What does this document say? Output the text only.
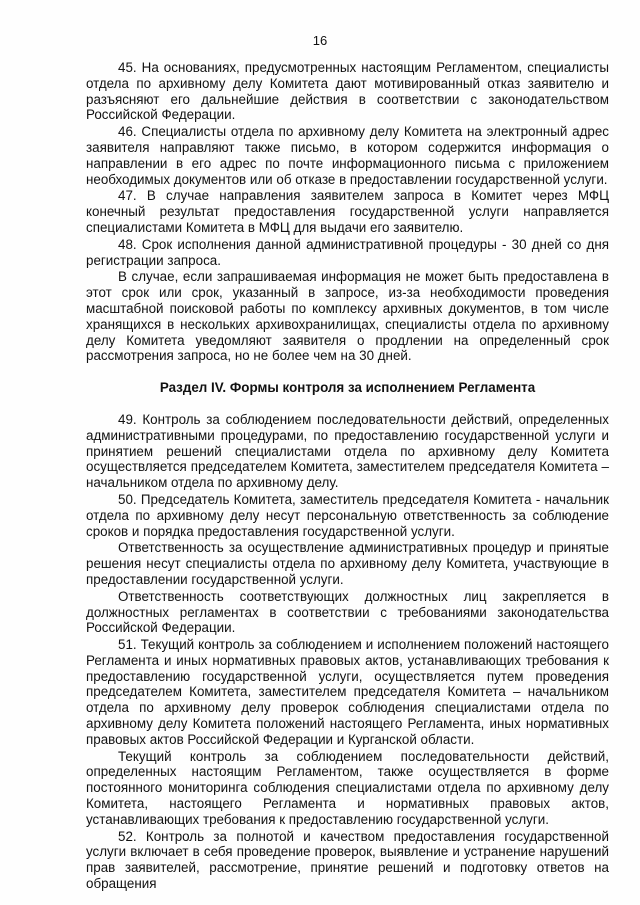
16

45. На основаниях, предусмотренных настоящим Регламентом, специалисты отдела по архивному делу Комитета дают мотивированный отказ заявителю и разъясняют его дальнейшие действия в соответствии с законодательством Российской Федерации.

46. Специалисты отдела по архивному делу Комитета на электронный адрес заявителя направляют также письмо, в котором содержится информация о направлении в его адрес по почте информационного письма с приложением необходимых документов или об отказе в предоставлении государственной услуги.

47. В случае направления заявителем запроса в Комитет через МФЦ конечный результат предоставления государственной услуги направляется специалистами Комитета в МФЦ для выдачи его заявителю.

48. Срок исполнения данной административной процедуры - 30 дней со дня регистрации запроса.

В случае, если запрашиваемая информация не может быть предоставлена в этот срок или срок, указанный в запросе, из-за необходимости проведения масштабной поисковой работы по комплексу архивных документов, в том числе хранящихся в нескольких архивохранилищах, специалисты отдела по архивному делу Комитета уведомляют заявителя о продлении на определенный срок рассмотрения запроса, но не более чем на 30 дней.

Раздел IV. Формы контроля за исполнением Регламента

49. Контроль за соблюдением последовательности действий, определенных административными процедурами, по предоставлению государственной услуги и принятием решений специалистами отдела по архивному делу Комитета осуществляется председателем Комитета, заместителем председателя Комитета – начальником отдела по архивному делу.

50. Председатель Комитета, заместитель председателя Комитета - начальник отдела по архивному делу несут персональную ответственность за соблюдение сроков и порядка предоставления государственной услуги.

Ответственность за осуществление административных процедур и принятые решения несут специалисты отдела по архивному делу Комитета, участвующие в предоставлении государственной услуги.

Ответственность соответствующих должностных лиц закрепляется в должностных регламентах в соответствии с требованиями законодательства Российской Федерации.

51. Текущий контроль за соблюдением и исполнением положений настоящего Регламента и иных нормативных правовых актов, устанавливающих требования к предоставлению государственной услуги, осуществляется путем проведения председателем Комитета, заместителем председателя Комитета – начальником отдела по архивному делу проверок соблюдения специалистами отдела по архивному делу Комитета положений настоящего Регламента, иных нормативных правовых актов Российской Федерации и Курганской области.

Текущий контроль за соблюдением последовательности действий, определенных настоящим Регламентом, также осуществляется в форме постоянного мониторинга соблюдения специалистами отдела по архивному делу Комитета, настоящего Регламента и нормативных правовых актов, устанавливающих требования к предоставлению государственной услуги.

52. Контроль за полнотой и качеством предоставления государственной услуги включает в себя проведение проверок, выявление и устранение нарушений прав заявителей, рассмотрение, принятие решений и подготовку ответов на обращения
